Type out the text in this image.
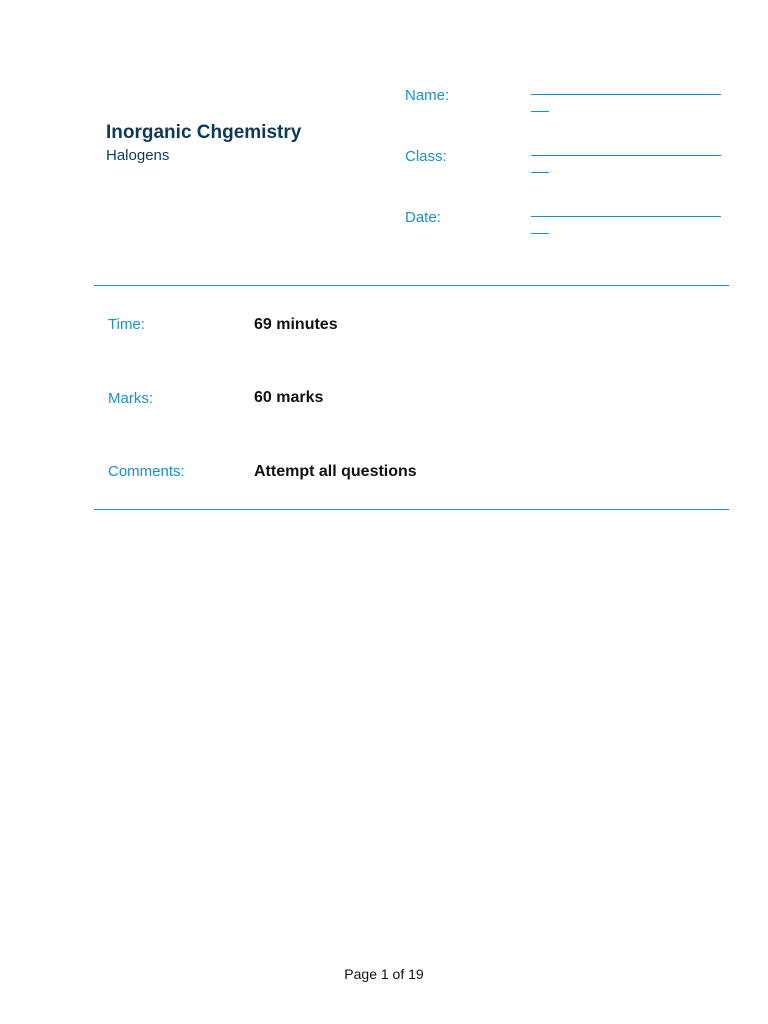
Inorganic Chgemistry
Halogens
Name:
Class:
Date:
Time:	69 minutes
Marks:	60 marks
Comments:	Attempt all questions
Page 1 of 19
